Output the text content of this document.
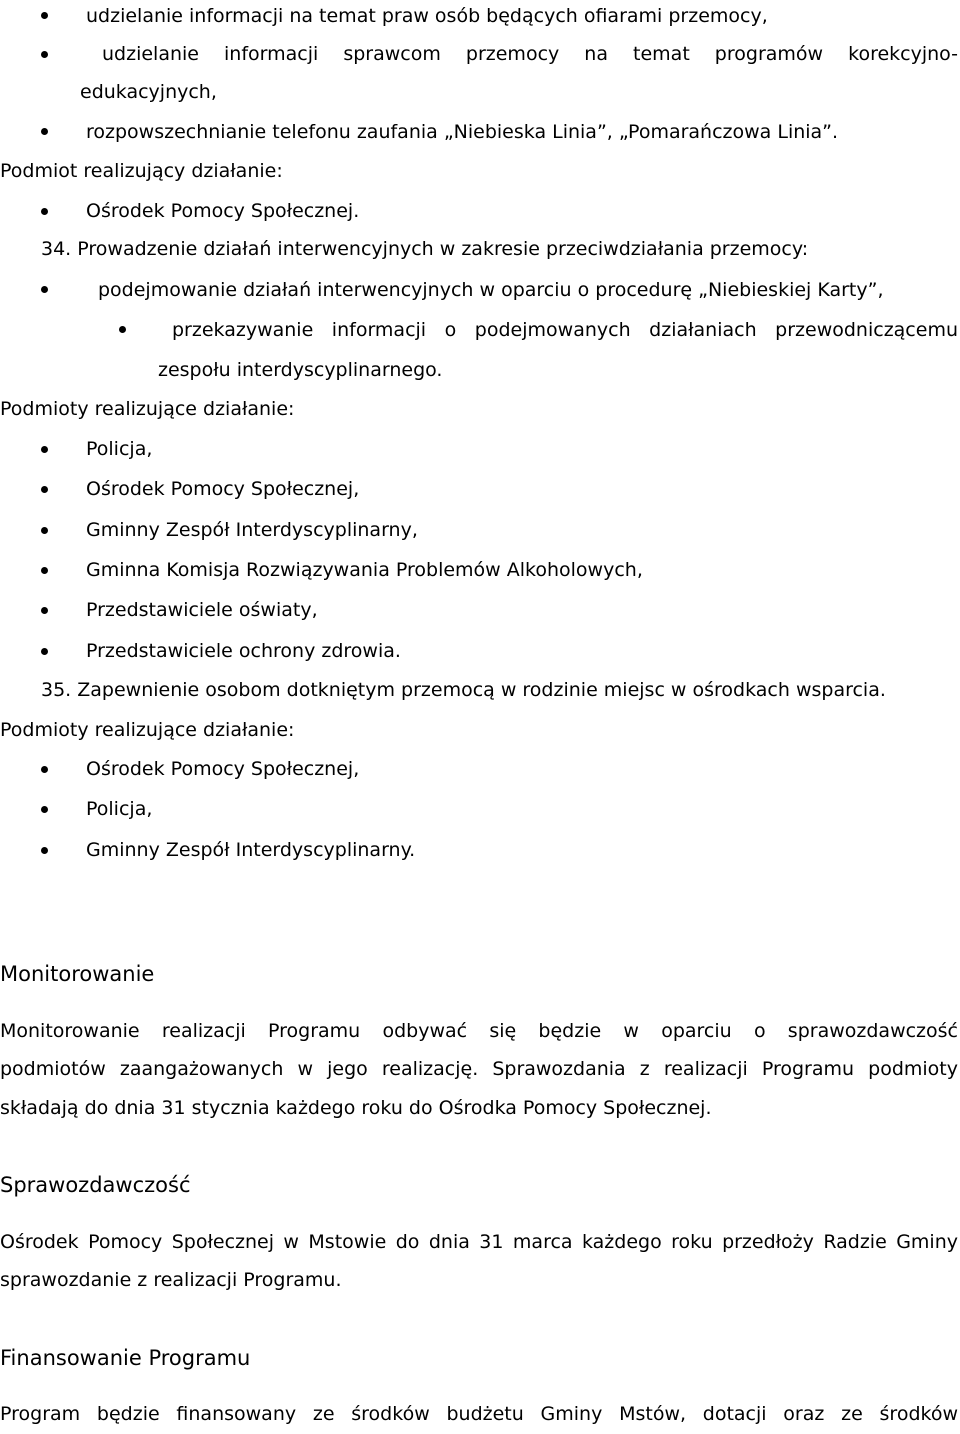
udzielanie informacji na temat praw osób będących ofiarami przemocy,
udzielanie informacji sprawcom przemocy na temat programów korekcyjno-
edukacyjnych,
rozpowszechnianie telefonu zaufania „Niebieska Linia”, „Pomarańczowa Linia”.
Podmiot realizujący działanie:
Ośrodek Pomocy Społecznej.
34. Prowadzenie działań interwencyjnych w zakresie przeciwdziałania przemocy:
podejmowanie działań interwencyjnych w oparciu o procedurę „Niebieskiej Karty”,
przekazywanie informacji o podejmowanych działaniach przewodniczącemu
zespołu interdyscyplinarnego.
Podmioty realizujące działanie:
Policja,
Ośrodek Pomocy Społecznej,
Gminny Zespół Interdyscyplinarny,
Gminna Komisja Rozwiązywania Problemów Alkoholowych,
Przedstawiciele oświaty,
Przedstawiciele ochrony zdrowia.
35. Zapewnienie osobom dotkniętym przemocą w rodzinie miejsc w ośrodkach wsparcia.
Podmioty realizujące działanie:
Ośrodek Pomocy Społecznej,
Policja,
Gminny Zespół Interdyscyplinarny.
Monitorowanie
Monitorowanie realizacji Programu odbywać się będzie w oparciu o sprawozdawczość
podmiotów zaangażowanych w jego realizację. Sprawozdania z realizacji Programu podmioty
składają do dnia 31 stycznia każdego roku do Ośrodka Pomocy Społecznej.
Sprawozdawczość
Ośrodek Pomocy Społecznej w Mstowie do dnia 31 marca każdego roku przedłoży Radzie Gminy
sprawozdanie z realizacji Programu.
Finansowanie Programu
Program będzie finansowany ze środków budżetu Gminy Mstów, dotacji oraz ze środków
